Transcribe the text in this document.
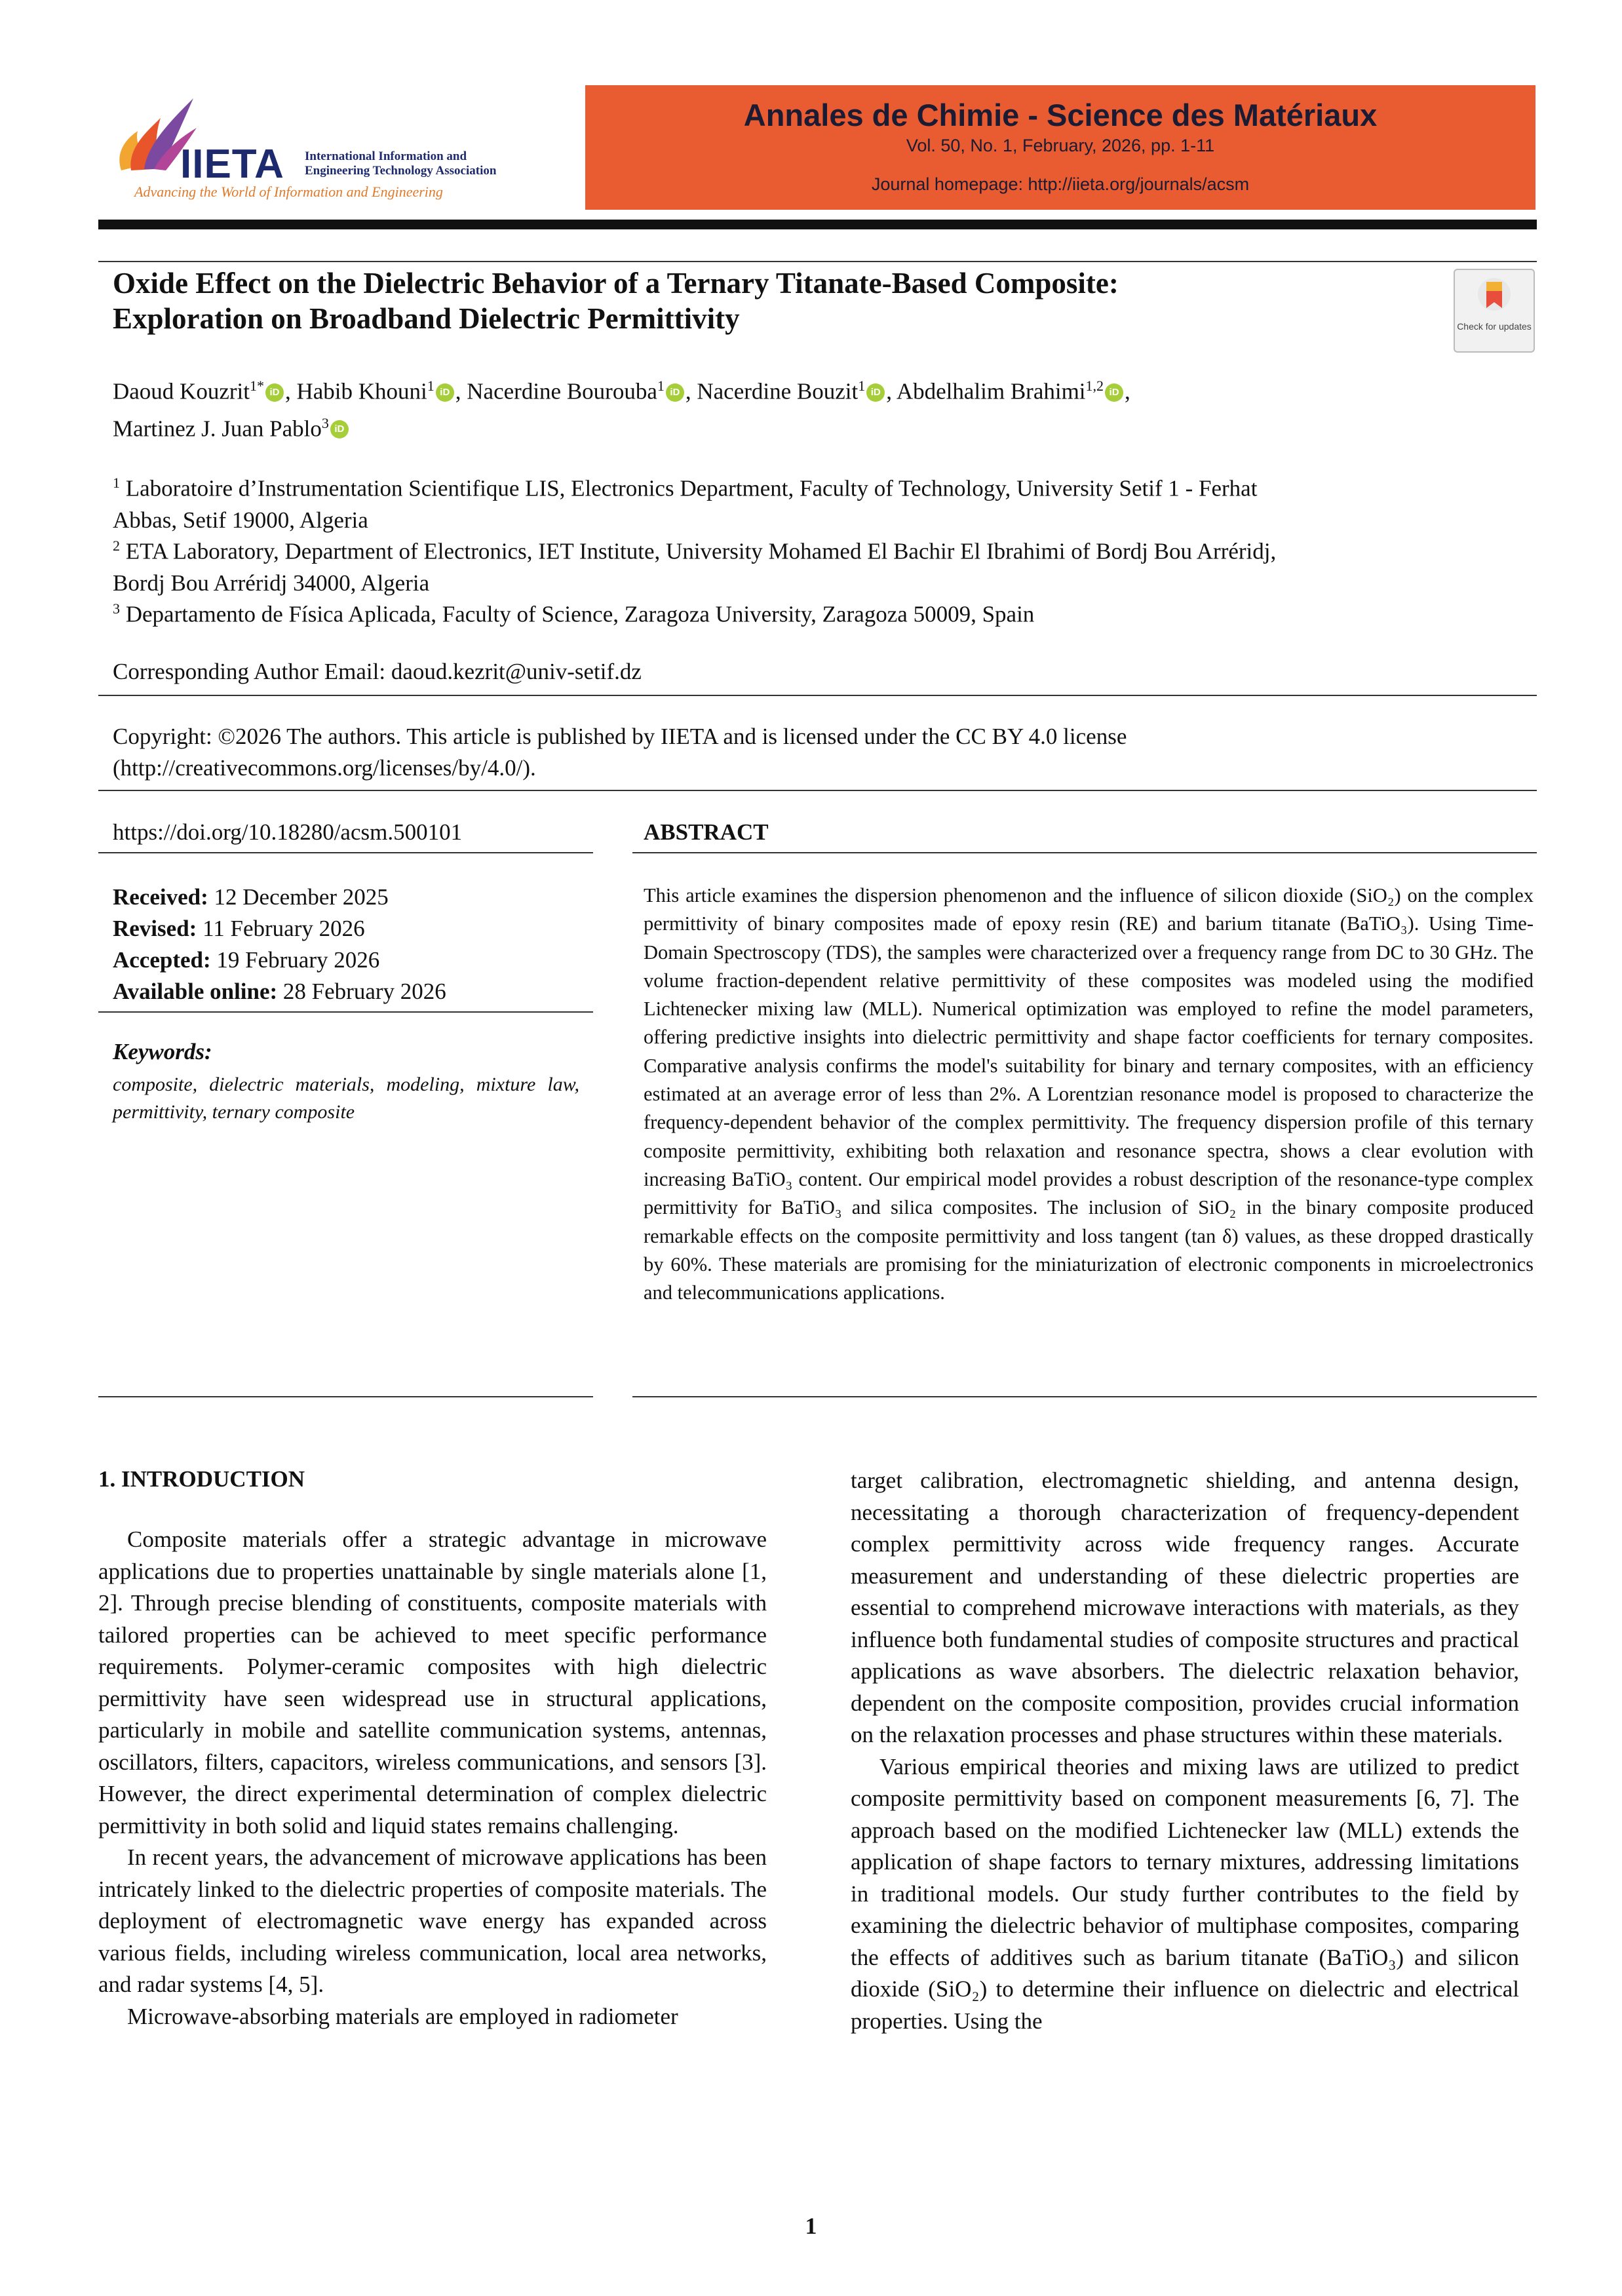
IIETA International Information and
Engineering Technology Association
Advancing the World of Information and Engineering
Annales de Chimie - Science des Matériaux
Vol. 50, No. 1, February, 2026, pp. 1-11
Journal homepage: http://iieta.org/journals/acsm
Oxide Effect on the Dielectric Behavior of a Ternary Titanate-Based Composite:
Exploration on Broadband Dielectric Permittivity	Check for updates
Daoud Kouzrit$^{1*}$ iD , Habib Khouni$^1$ iD , Nacerdine Bourouba$^1$ iD , Nacerdine Bouzit$^1$ iD , Abdelhalim Brahimi$^{1,2}$ iD ,
Martinez J. Juan Pablo$^3$ iD
$^1$ Laboratoire d’Instrumentation Scientifique LIS, Electronics Department, Faculty of Technology, University Setif 1 - Ferhat
Abbas, Setif 19000, Algeria
$^2$ ETA Laboratory, Department of Electronics, IET Institute, University Mohamed El Bachir El Ibrahimi of Bordj Bou Arréridj,
Bordj Bou Arréridj 34000, Algeria
$^3$ Departamento de Física Aplicada, Faculty of Science, Zaragoza University, Zaragoza 50009, Spain
Corresponding Author Email: daoud.kezrit@univ-setif.dz
Copyright: ©2026 The authors. This article is published by IIETA and is licensed under the CC BY 4.0 license
(http://creativecommons.org/licenses/by/4.0/).
https://doi.org/10.18280/acsm.500101
Received: 12 December 2025
Revised: 11 February 2026
Accepted: 19 February 2026
Available online: 28 February 2026
Keywords:
composite, dielectric materials, modeling, mixture law, permittivity, ternary composite
ABSTRACT
This article examines the dispersion phenomenon and the influence of silicon dioxide (SiO₂) on the complex permittivity of binary composites made of epoxy resin (RE) and barium titanate (BaTiO₃). Using Time-Domain Spectroscopy (TDS), the samples were characterized over a frequency range from DC to 30 GHz. The volume fraction-dependent relative permittivity of these composites was modeled using the modified Lichtenecker mixing law (MLL). Numerical optimization was employed to refine the model parameters, offering predictive insights into dielectric permittivity and shape factor coefficients for ternary composites. Comparative analysis confirms the model's suitability for binary and ternary composites, with an efficiency estimated at an average error of less than 2%. A Lorentzian resonance model is proposed to characterize the frequency-dependent behavior of the complex permittivity. The frequency dispersion profile of this ternary composite permittivity, exhibiting both relaxation and resonance spectra, shows a clear evolution with increasing BaTiO₃ content. Our empirical model provides a robust description of the resonance-type complex permittivity for BaTiO₃ and silica composites. The inclusion of SiO₂ in the binary composite produced remarkable effects on the composite permittivity and loss tangent (tan δ) values, as these dropped drastically by 60%. These materials are promising for the miniaturization of electronic components in microelectronics and telecommunications applications.
1. INTRODUCTION

Composite materials offer a strategic advantage in microwave applications due to properties unattainable by single materials alone [1, 2]. Through precise blending of constituents, composite materials with tailored properties can be achieved to meet specific performance requirements. Polymer-ceramic composites with high dielectric permittivity have seen widespread use in structural applications, particularly in mobile and satellite communication systems, antennas, oscillators, filters, capacitors, wireless communications, and sensors [3]. However, the direct experimental determination of complex dielectric permittivity in both solid and liquid states remains challenging.

In recent years, the advancement of microwave applications has been intricately linked to the dielectric properties of composite materials. The deployment of electromagnetic wave energy has expanded across various fields, including wireless communication, local area networks, and radar systems [4, 5].

Microwave-absorbing materials are employed in radiometer

target calibration, electromagnetic shielding, and antenna design, necessitating a thorough characterization of frequency-dependent complex permittivity across wide frequency ranges. Accurate measurement and understanding of these dielectric properties are essential to comprehend microwave interactions with materials, as they influence both fundamental studies of composite structures and practical applications as wave absorbers. The dielectric relaxation behavior, dependent on the composite composition, provides crucial information on the relaxation processes and phase structures within these materials.

Various empirical theories and mixing laws are utilized to predict composite permittivity based on component measurements [6, 7]. The approach based on the modified Lichtenecker law (MLL) extends the application of shape factors to ternary mixtures, addressing limitations in traditional models. Our study further contributes to the field by examining the dielectric behavior of multiphase composites, comparing the effects of additives such as barium titanate (BaTiO₃) and silicon dioxide (SiO₂) to determine their influence on dielectric and electrical properties. Using the

1
